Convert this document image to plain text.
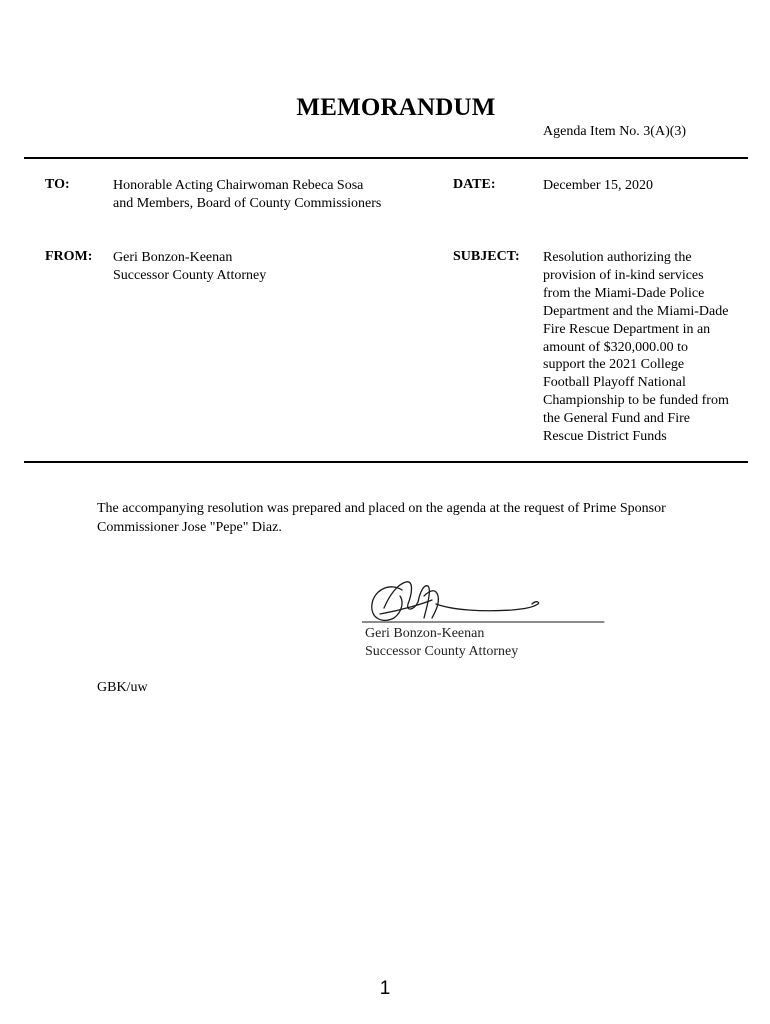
MEMORANDUM
Agenda Item No. 3(A)(3)
TO:	Honorable Acting Chairwoman Rebeca Sosa
and Members, Board of County Commissioners
DATE:	December 15, 2020
FROM: Geri Bonzon-Keenan
Successor County Attorney
SUBJECT: Resolution authorizing the
provision of in-kind services
from the Miami-Dade Police
Department and the Miami-Dade
Fire Rescue Department in an
amount of $320,000.00 to
support the 2021 College
Football Playoff National
Championship to be funded from
the General Fund and Fire
Rescue District Funds
The accompanying resolution was prepared and placed on the agenda at the request of Prime Sponsor
Commissioner Jose "Pepe" Diaz.
Geri Bonzon-Keenan
Successor County Attorney
GBK/uw
1
